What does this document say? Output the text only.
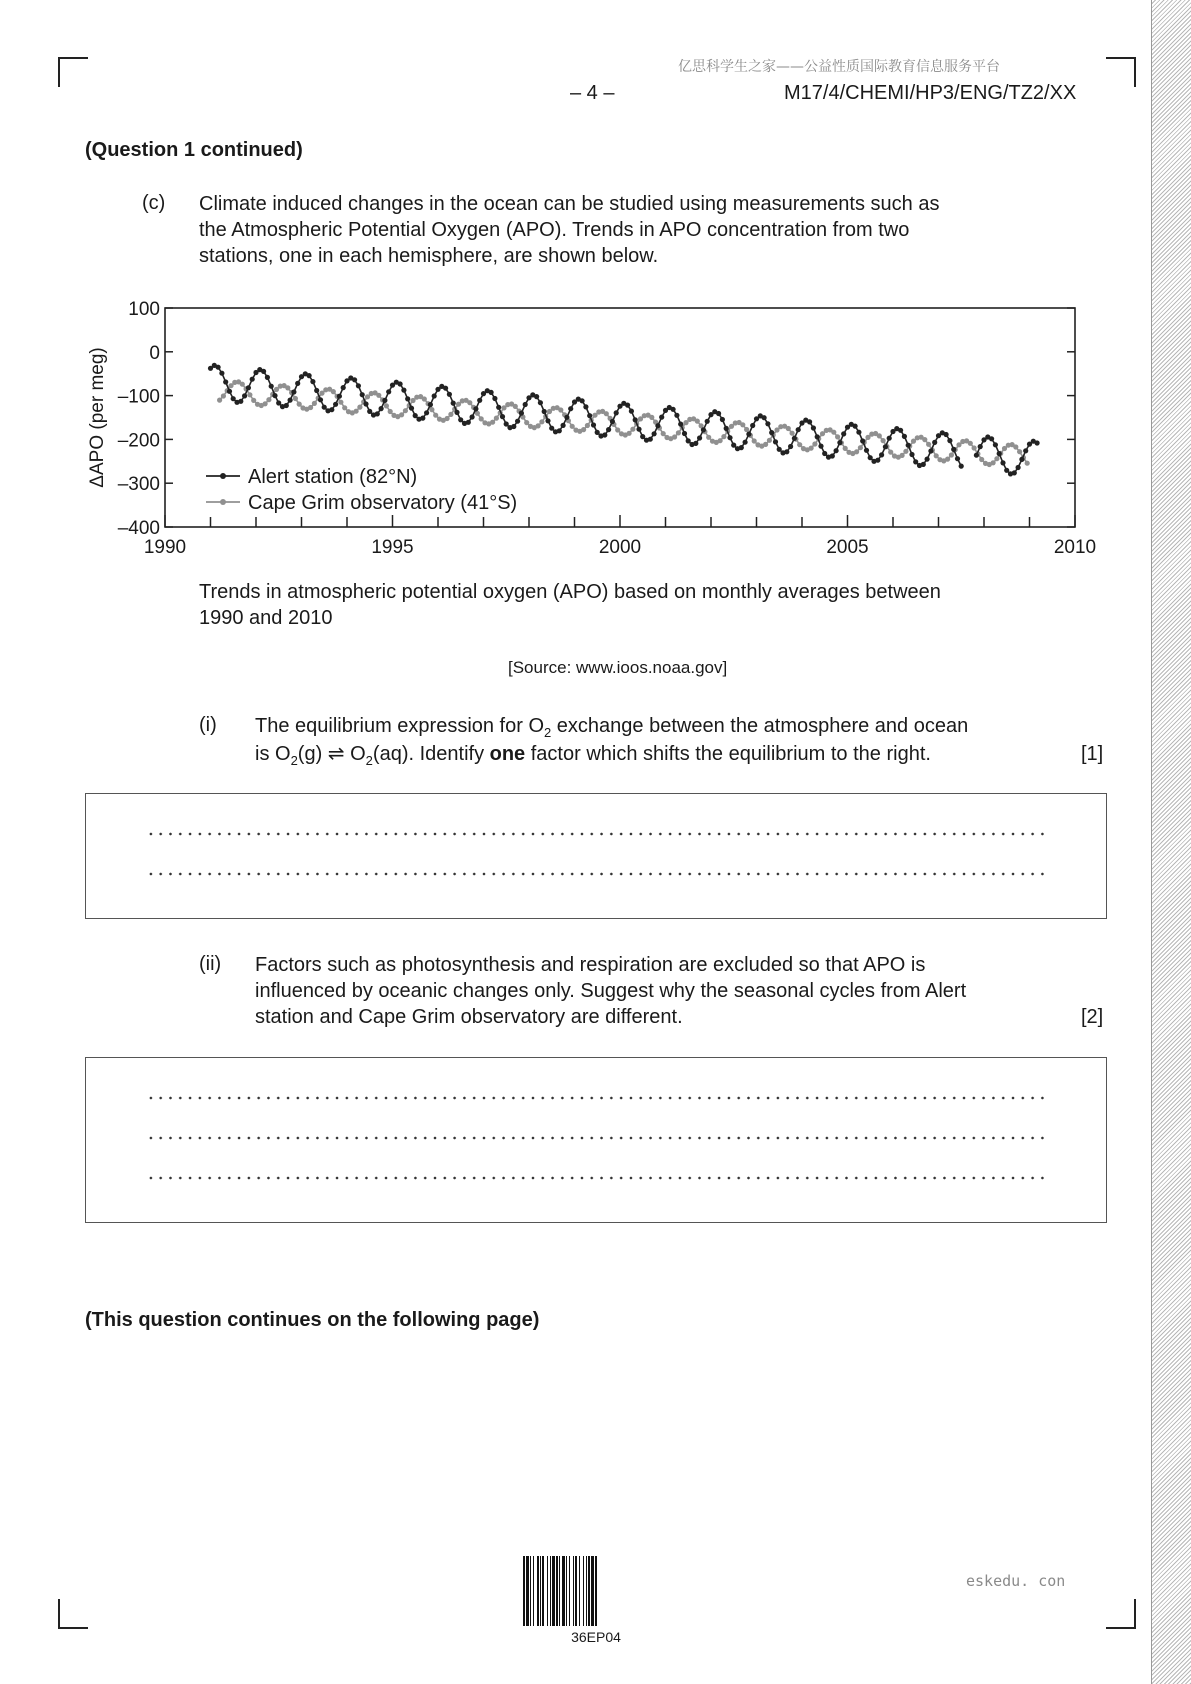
亿思科学生之家——公益性质国际教育信息服务平台
– 4 –	M17/4/CHEMI/HP3/ENG/TZ2/XX
(Question 1 continued)
(c) Climate induced changes in the ocean can be studied using measurements such as
the Atmospheric Potential Oxygen (APO). Trends in APO concentration from two
stations, one in each hemisphere, are shown below.
100
0
–100
–200
–300
–400
1990	1995	2000	2005	2010
ΔAPO (per meg)	Alert station (82°N)
Cape Grim observatory (41°S)
Trends in atmospheric potential oxygen (APO) based on monthly averages between
1990 and 2010
[Source: www.ioos.noaa.gov]
(i) The equilibrium expression for $O_2$ exchange between the atmosphere and ocean
is $O_2(g)$ ⇌ $O_2(aq)$. Identify one factor which shifts the equilibrium to the right.	[1]
(ii) Factors such as photosynthesis and respiration are excluded so that APO is
influenced by oceanic changes only. Suggest why the seasonal cycles from Alert
station and Cape Grim observatory are different.	[2]
(This question continues on the following page)
36EP04
eskedu. con
